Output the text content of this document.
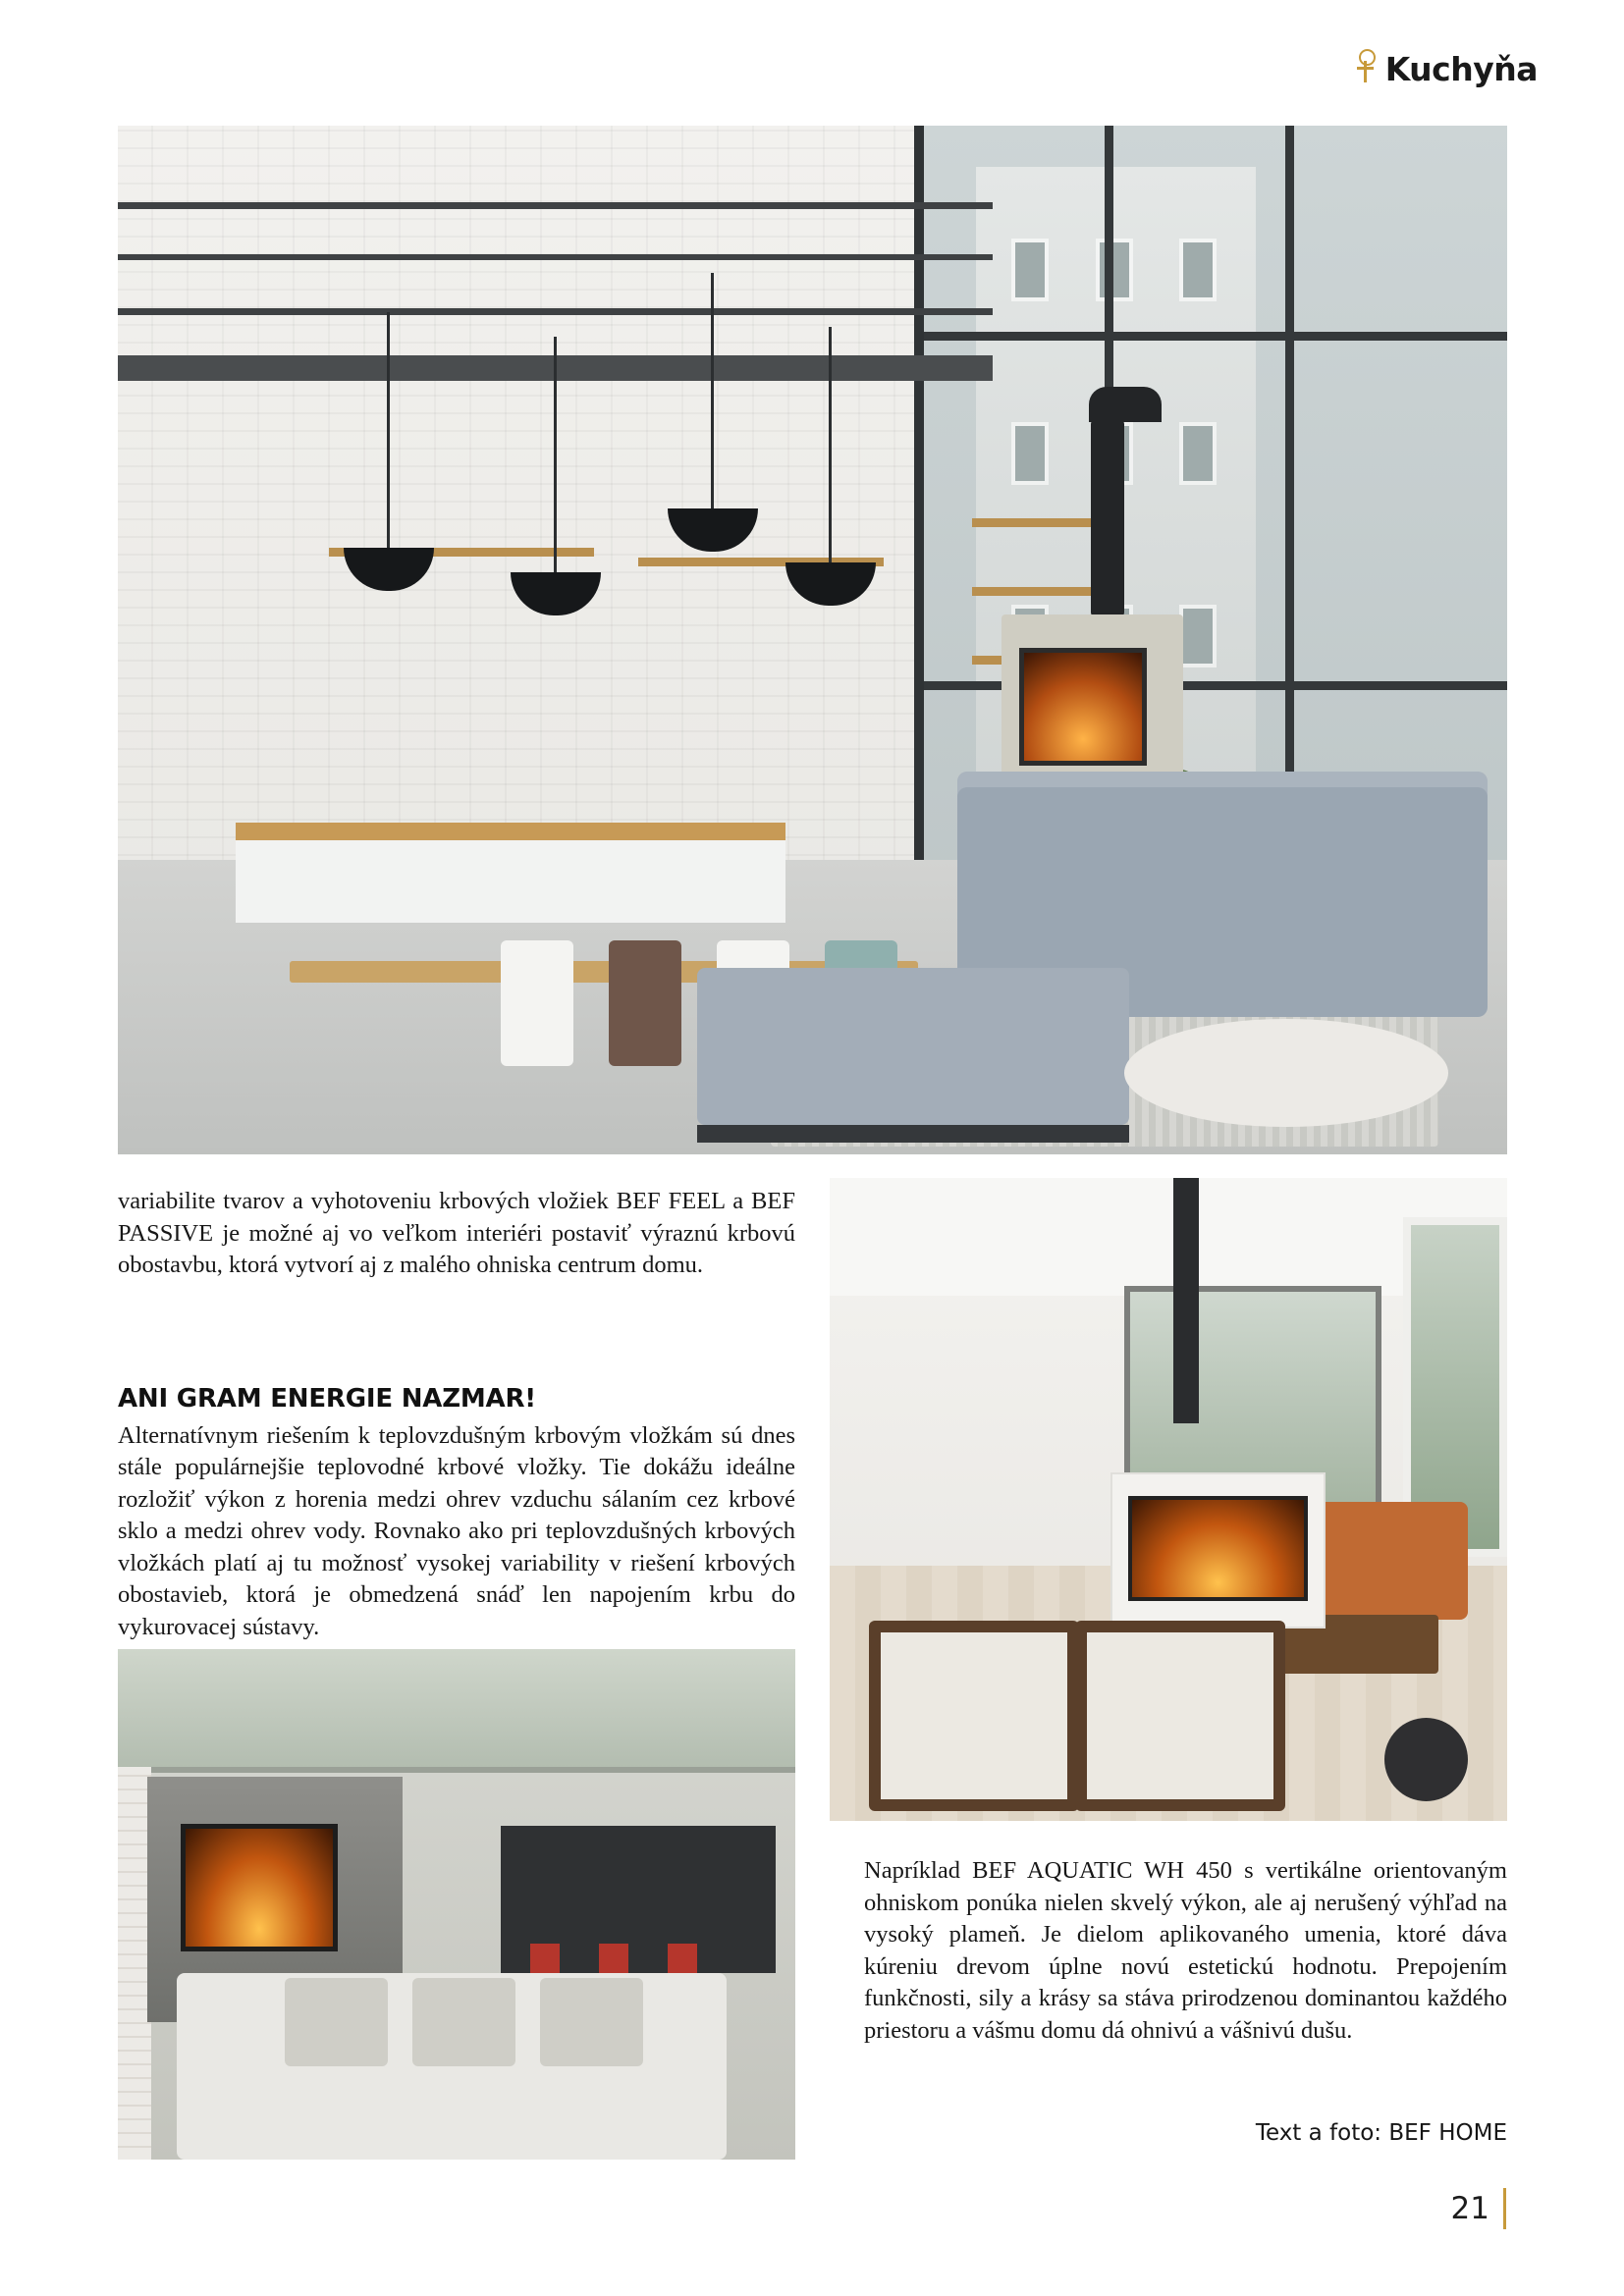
Kuchyňa

variabilite tvarov a vyhotoveniu krbových vložiek BEF FEEL a BEF PASSIVE je možné aj vo veľkom interiéri postaviť výraznú krbovú obostavbu, ktorá vytvorí aj z malého ohniska centrum domu.

ANI GRAM ENERGIE NAZMAR!

Alternatívnym riešením k teplovzdušným krbovým vložkám sú dnes stále populárnejšie teplovodné krbové vložky. Tie dokážu ideálne rozložiť výkon z horenia medzi ohrev vzduchu sálaním cez krbové sklo a medzi ohrev vody. Rovnako ako pri teplovzdušných krbových vložkách platí aj tu možnosť vysokej variability v riešení krbových obostavieb, ktorá je obmedzená snáď len napojením krbu do vykurovacej sústavy.

Napríklad BEF AQUATIC WH 450 s vertikálne orientovaným ohniskom ponúka nielen skvelý výkon, ale aj nerušený výhľad na vysoký plameň. Je dielom aplikovaného umenia, ktoré dáva kúreniu drevom úplne novú estetickú hodnotu. Prepojením funkčnosti, sily a krásy sa stáva prirodzenou dominantou každého priestoru a vášmu domu dá ohnivú a vášnivú dušu.

Text a foto: BEF HOME
21
